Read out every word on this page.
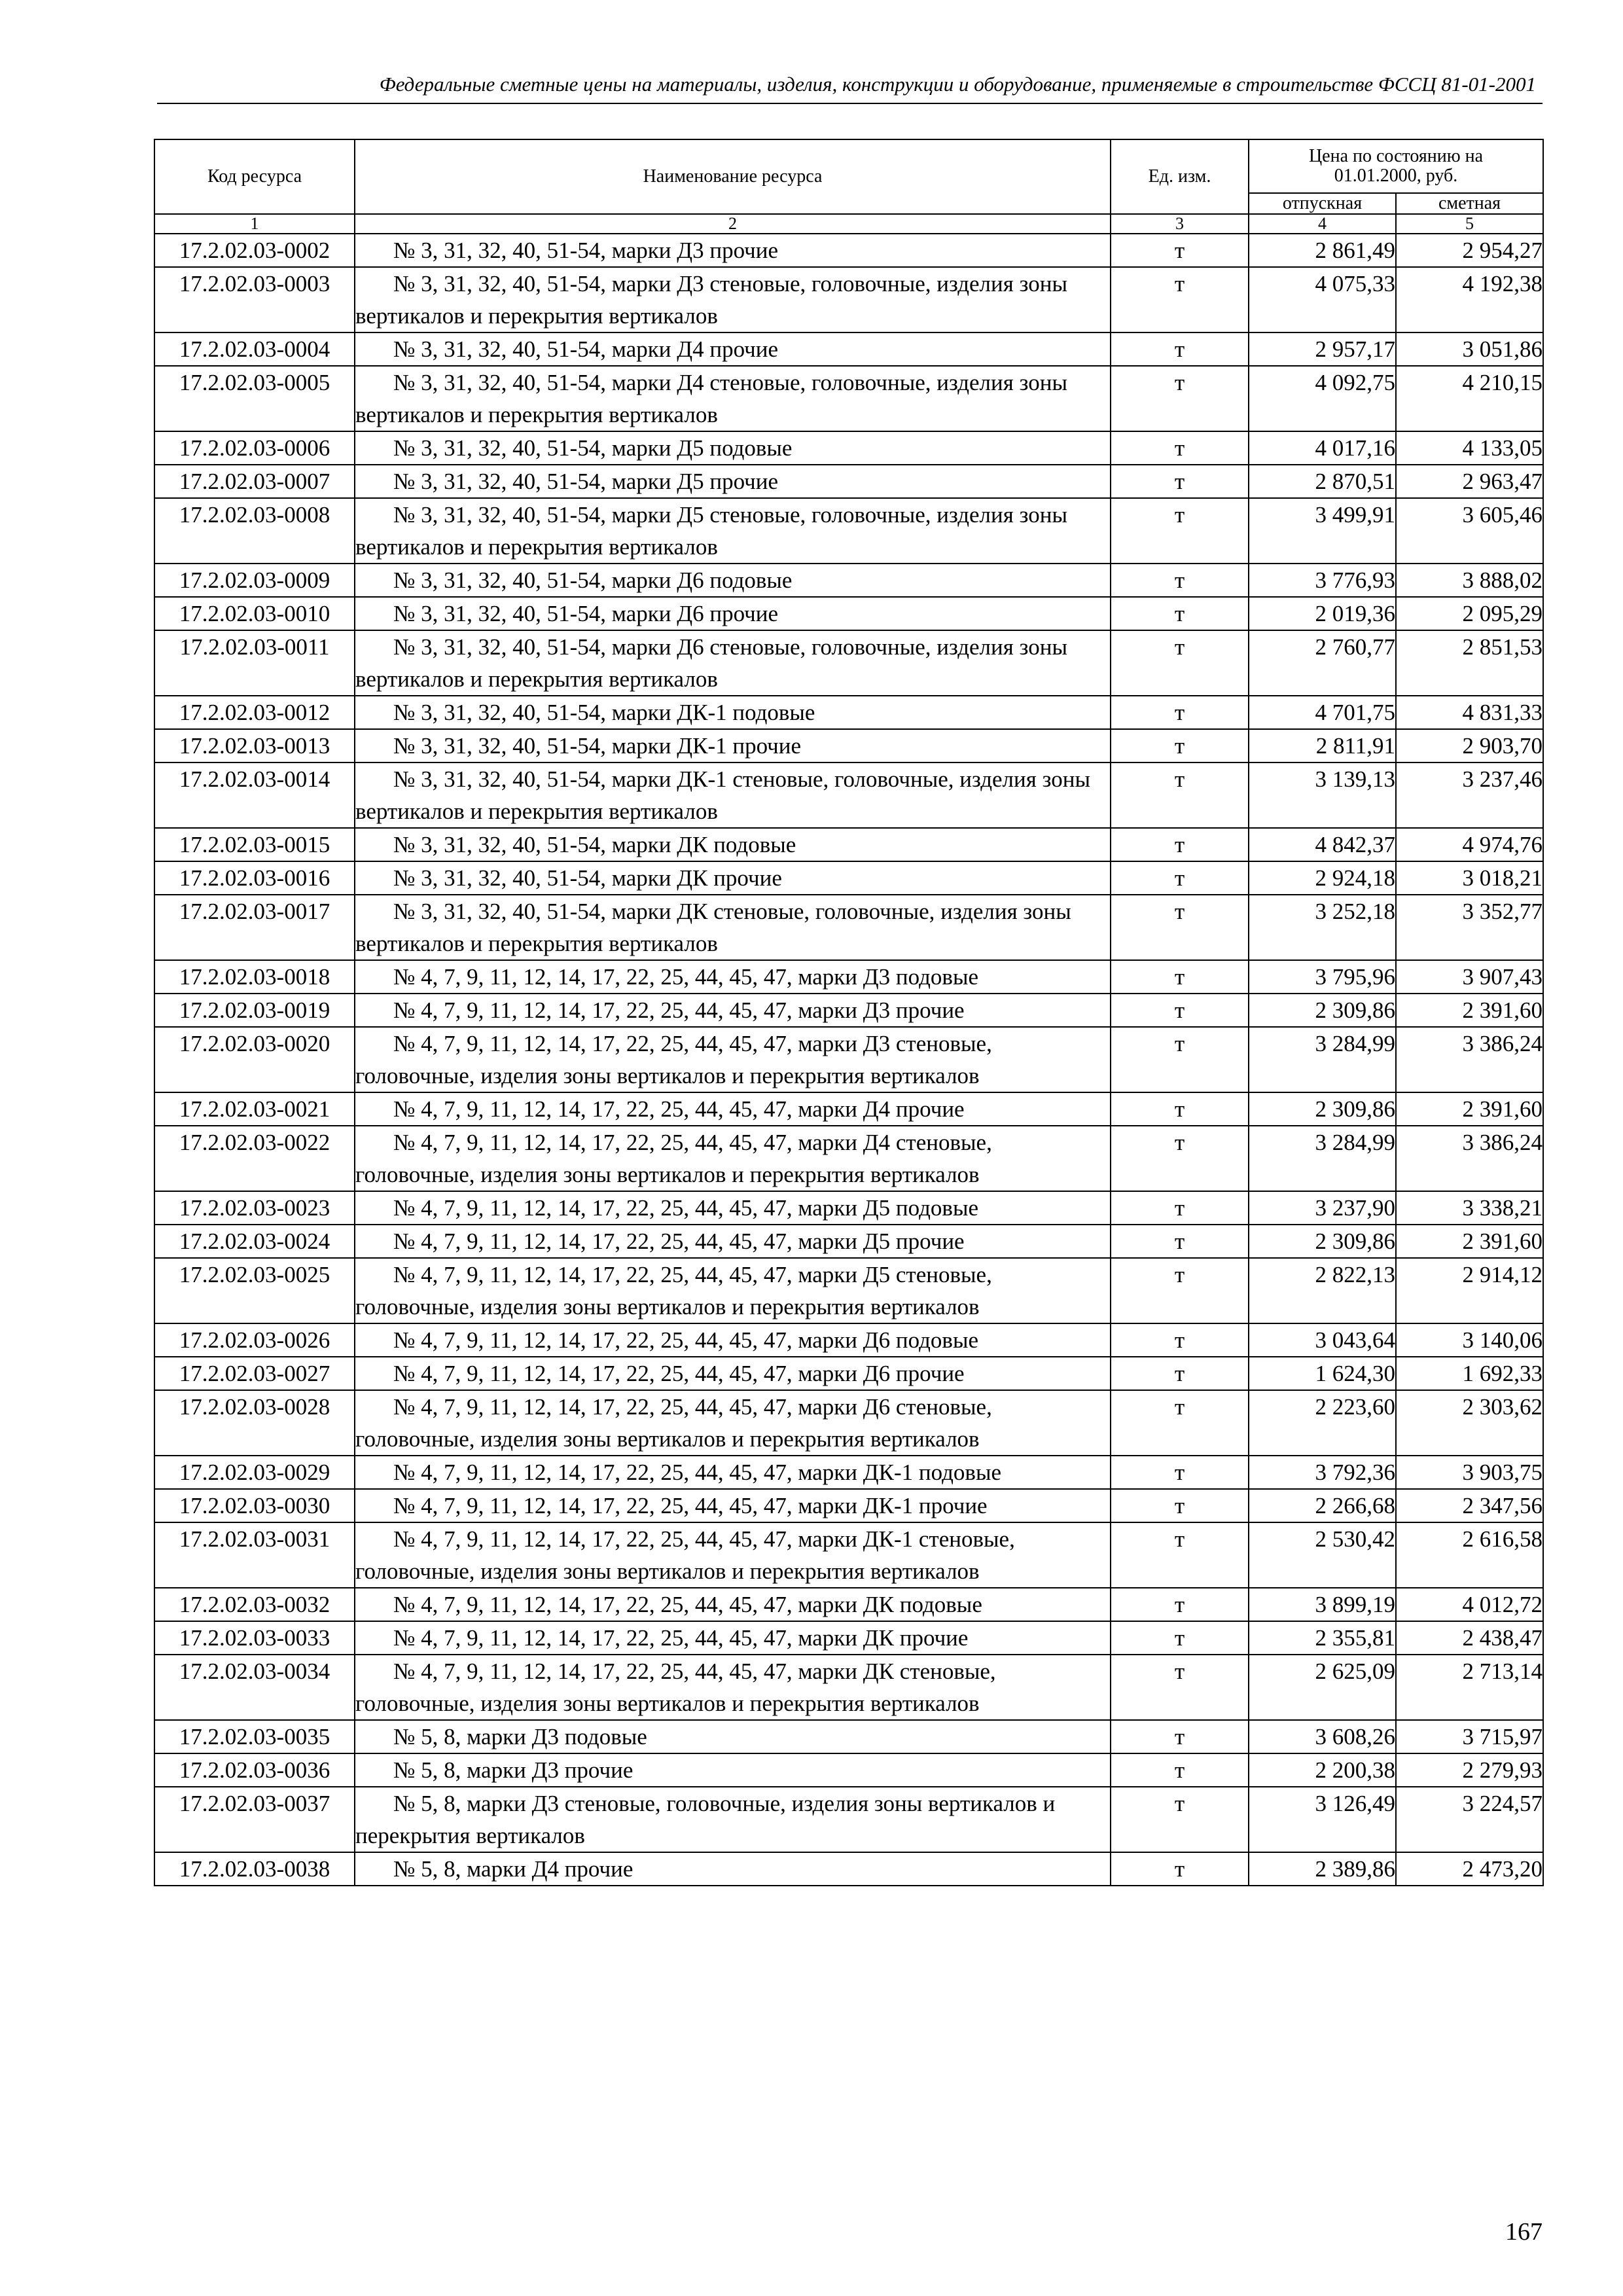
Федеральные сметные цены на материалы, изделия, конструкции и оборудование, применяемые в строительстве ФССЦ 81-01-2001
Код ресурса	Наименование ресурса	Ед. изм.	Цена по состоянию на 01.01.2000, руб.	
			отпускная	сметная
1	2	3	4	5
17.2.02.03-0002	№ 3, 31, 32, 40, 51-54, марки Д3 прочие	т	2 861,49	2 954,27
17.2.02.03-0003	№ 3, 31, 32, 40, 51-54, марки Д3 стеновые, головочные, изделия зоны вертикалов и перекрытия вертикалов	т	4 075,33	4 192,38
17.2.02.03-0004	№ 3, 31, 32, 40, 51-54, марки Д4 прочие	т	2 957,17	3 051,86
17.2.02.03-0005	№ 3, 31, 32, 40, 51-54, марки Д4 стеновые, головочные, изделия зоны вертикалов и перекрытия вертикалов	т	4 092,75	4 210,15
17.2.02.03-0006	№ 3, 31, 32, 40, 51-54, марки Д5 подовые	т	4 017,16	4 133,05
17.2.02.03-0007	№ 3, 31, 32, 40, 51-54, марки Д5 прочие	т	2 870,51	2 963,47
17.2.02.03-0008	№ 3, 31, 32, 40, 51-54, марки Д5 стеновые, головочные, изделия зоны вертикалов и перекрытия вертикалов	т	3 499,91	3 605,46
17.2.02.03-0009	№ 3, 31, 32, 40, 51-54, марки Д6 подовые	т	3 776,93	3 888,02
17.2.02.03-0010	№ 3, 31, 32, 40, 51-54, марки Д6 прочие	т	2 019,36	2 095,29
17.2.02.03-0011	№ 3, 31, 32, 40, 51-54, марки Д6 стеновые, головочные, изделия зоны вертикалов и перекрытия вертикалов	т	2 760,77	2 851,53
17.2.02.03-0012	№ 3, 31, 32, 40, 51-54, марки ДК-1 подовые	т	4 701,75	4 831,33
17.2.02.03-0013	№ 3, 31, 32, 40, 51-54, марки ДК-1 прочие	т	2 811,91	2 903,70
17.2.02.03-0014	№ 3, 31, 32, 40, 51-54, марки ДК-1 стеновые, головочные, изделия зоны вертикалов и перекрытия вертикалов	т	3 139,13	3 237,46
17.2.02.03-0015	№ 3, 31, 32, 40, 51-54, марки ДК подовые	т	4 842,37	4 974,76
17.2.02.03-0016	№ 3, 31, 32, 40, 51-54, марки ДК прочие	т	2 924,18	3 018,21
17.2.02.03-0017	№ 3, 31, 32, 40, 51-54, марки ДК стеновые, головочные, изделия зоны вертикалов и перекрытия вертикалов	т	3 252,18	3 352,77
17.2.02.03-0018	№ 4, 7, 9, 11, 12, 14, 17, 22, 25, 44, 45, 47, марки Д3 подовые	т	3 795,96	3 907,43
17.2.02.03-0019	№ 4, 7, 9, 11, 12, 14, 17, 22, 25, 44, 45, 47, марки Д3 прочие	т	2 309,86	2 391,60
17.2.02.03-0020	№ 4, 7, 9, 11, 12, 14, 17, 22, 25, 44, 45, 47, марки Д3 стеновые, головочные, изделия зоны вертикалов и перекрытия вертикалов	т	3 284,99	3 386,24
17.2.02.03-0021	№ 4, 7, 9, 11, 12, 14, 17, 22, 25, 44, 45, 47, марки Д4 прочие	т	2 309,86	2 391,60
17.2.02.03-0022	№ 4, 7, 9, 11, 12, 14, 17, 22, 25, 44, 45, 47, марки Д4 стеновые, головочные, изделия зоны вертикалов и перекрытия вертикалов	т	3 284,99	3 386,24
17.2.02.03-0023	№ 4, 7, 9, 11, 12, 14, 17, 22, 25, 44, 45, 47, марки Д5 подовые	т	3 237,90	3 338,21
17.2.02.03-0024	№ 4, 7, 9, 11, 12, 14, 17, 22, 25, 44, 45, 47, марки Д5 прочие	т	2 309,86	2 391,60
17.2.02.03-0025	№ 4, 7, 9, 11, 12, 14, 17, 22, 25, 44, 45, 47, марки Д5 стеновые, головочные, изделия зоны вертикалов и перекрытия вертикалов	т	2 822,13	2 914,12
17.2.02.03-0026	№ 4, 7, 9, 11, 12, 14, 17, 22, 25, 44, 45, 47, марки Д6 подовые	т	3 043,64	3 140,06
17.2.02.03-0027	№ 4, 7, 9, 11, 12, 14, 17, 22, 25, 44, 45, 47, марки Д6 прочие	т	1 624,30	1 692,33
17.2.02.03-0028	№ 4, 7, 9, 11, 12, 14, 17, 22, 25, 44, 45, 47, марки Д6 стеновые, головочные, изделия зоны вертикалов и перекрытия вертикалов	т	2 223,60	2 303,62
17.2.02.03-0029	№ 4, 7, 9, 11, 12, 14, 17, 22, 25, 44, 45, 47, марки ДК-1 подовые	т	3 792,36	3 903,75
17.2.02.03-0030	№ 4, 7, 9, 11, 12, 14, 17, 22, 25, 44, 45, 47, марки ДК-1 прочие	т	2 266,68	2 347,56
17.2.02.03-0031	№ 4, 7, 9, 11, 12, 14, 17, 22, 25, 44, 45, 47, марки ДК-1 стеновые, головочные, изделия зоны вертикалов и перекрытия вертикалов	т	2 530,42	2 616,58
17.2.02.03-0032	№ 4, 7, 9, 11, 12, 14, 17, 22, 25, 44, 45, 47, марки ДК подовые	т	3 899,19	4 012,72
17.2.02.03-0033	№ 4, 7, 9, 11, 12, 14, 17, 22, 25, 44, 45, 47, марки ДК прочие	т	2 355,81	2 438,47
17.2.02.03-0034	№ 4, 7, 9, 11, 12, 14, 17, 22, 25, 44, 45, 47, марки ДК стеновые, головочные, изделия зоны вертикалов и перекрытия вертикалов	т	2 625,09	2 713,14
17.2.02.03-0035	№ 5, 8, марки Д3 подовые	т	3 608,26	3 715,97
17.2.02.03-0036	№ 5, 8, марки Д3 прочие	т	2 200,38	2 279,93
17.2.02.03-0037	№ 5, 8, марки Д3 стеновые, головочные, изделия зоны вертикалов и перекрытия вертикалов	т	3 126,49	3 224,57
17.2.02.03-0038	№ 5, 8, марки Д4 прочие	т	2 389,86	2 473,20
167
